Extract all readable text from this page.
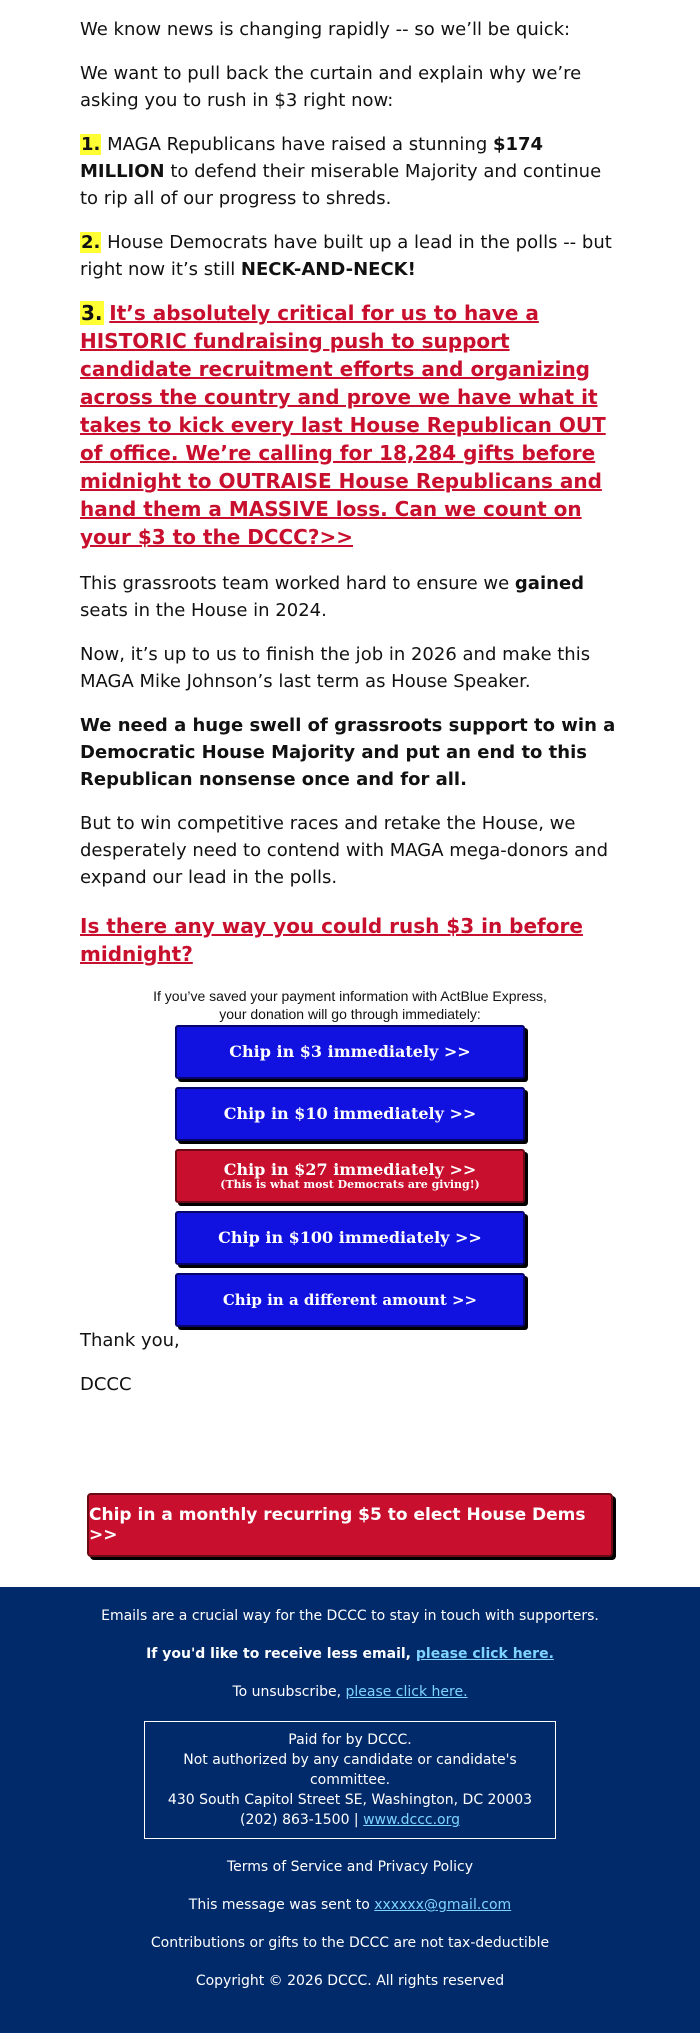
We know news is changing rapidly -- so we’ll be quick:

We want to pull back the curtain and explain why we’re asking you to rush in $3 right now:

1. MAGA Republicans have raised a stunning $174 MILLION to defend their miserable Majority and continue to rip all of our progress to shreds.

2. House Democrats have built up a lead in the polls -- but right now it’s still NECK-AND-NECK!

3. It’s absolutely critical for us to have a HISTORIC fundraising push to support candidate recruitment efforts and organizing across the country and prove we have what it takes to kick every last House Republican OUT of office. We’re calling for 18,284 gifts before midnight to OUTRAISE House Republicans and hand them a MASSIVE loss. Can we count on your $3 to the DCCC?>>

This grassroots team worked hard to ensure we gained seats in the House in 2024.

Now, it’s up to us to finish the job in 2026 and make this MAGA Mike Johnson’s last term as House Speaker.

We need a huge swell of grassroots support to win a Democratic House Majority and put an end to this Republican nonsense once and for all.

But to win competitive races and retake the House, we desperately need to contend with MAGA mega-donors and expand our lead in the polls.

Is there any way you could rush $3 in before midnight?

If you’ve saved your payment information with ActBlue Express,
your donation will go through immediately:
Chip in $3 immediately >>
Chip in $10 immediately >>
Chip in $27 immediately >>
(This is what most Democrats are giving!)
Chip in $100 immediately >>
Chip in a different amount >>

Thank you,

DCCC

Chip in a monthly recurring $5 to elect House Dems >>
Emails are a crucial way for the DCCC to stay in touch with supporters.
If you'd like to receive less email, please click here.
To unsubscribe, please click here.
Paid for by DCCC.
Not authorized by any candidate or candidate's committee.
430 South Capitol Street SE, Washington, DC 20003
(202) 863-1500 | www.dccc.org
Terms of Service and Privacy Policy
This message was sent to xxxxxx@gmail.com
Contributions or gifts to the DCCC are not tax-deductible
Copyright © 2026 DCCC. All rights reserved
